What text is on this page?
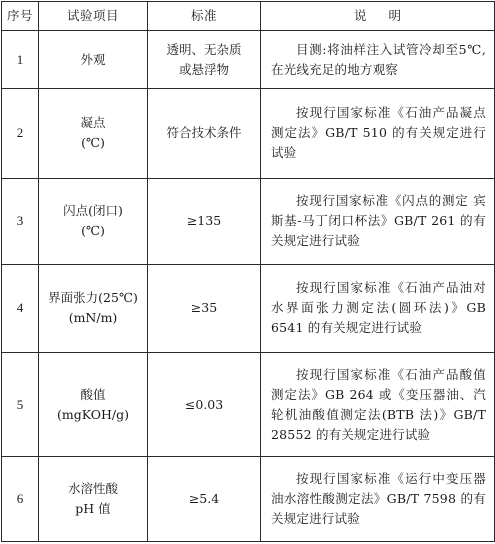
序号	试验项目	标准	说明
1	外观	透明、无杂质
或悬浮物	目测:将油样注入试管冷却至5℃,在光线充足的地方观察

2	凝点
(℃)	符合技术条件	按现行国家标准《石油产品凝点测定法》GB/T 510 的有关规定进行试验

3	闪点(闭口)
(℃)	≥135	按现行国家标准《闪点的测定 宾斯基-马丁闭口杯法》GB/T 261 的有关规定进行试验

4	界面张力(25℃)
(mN/m)	≥35	按现行国家标准《石油产品油对水界面张力测定法(圆环法)》GB 6541 的有关规定进行试验

5	酸值
(mgKOH/g)	≤0.03	按现行国家标准《石油产品酸值测定法》GB 264 或《变压器油、汽轮机油酸值测定法(BTB 法)》GB/T 28552 的有关规定进行试验

6	水溶性酸
pH 值	≥5.4	按现行国家标准《运行中变压器油水溶性酸测定法》GB/T 7598 的有关规定进行试验
